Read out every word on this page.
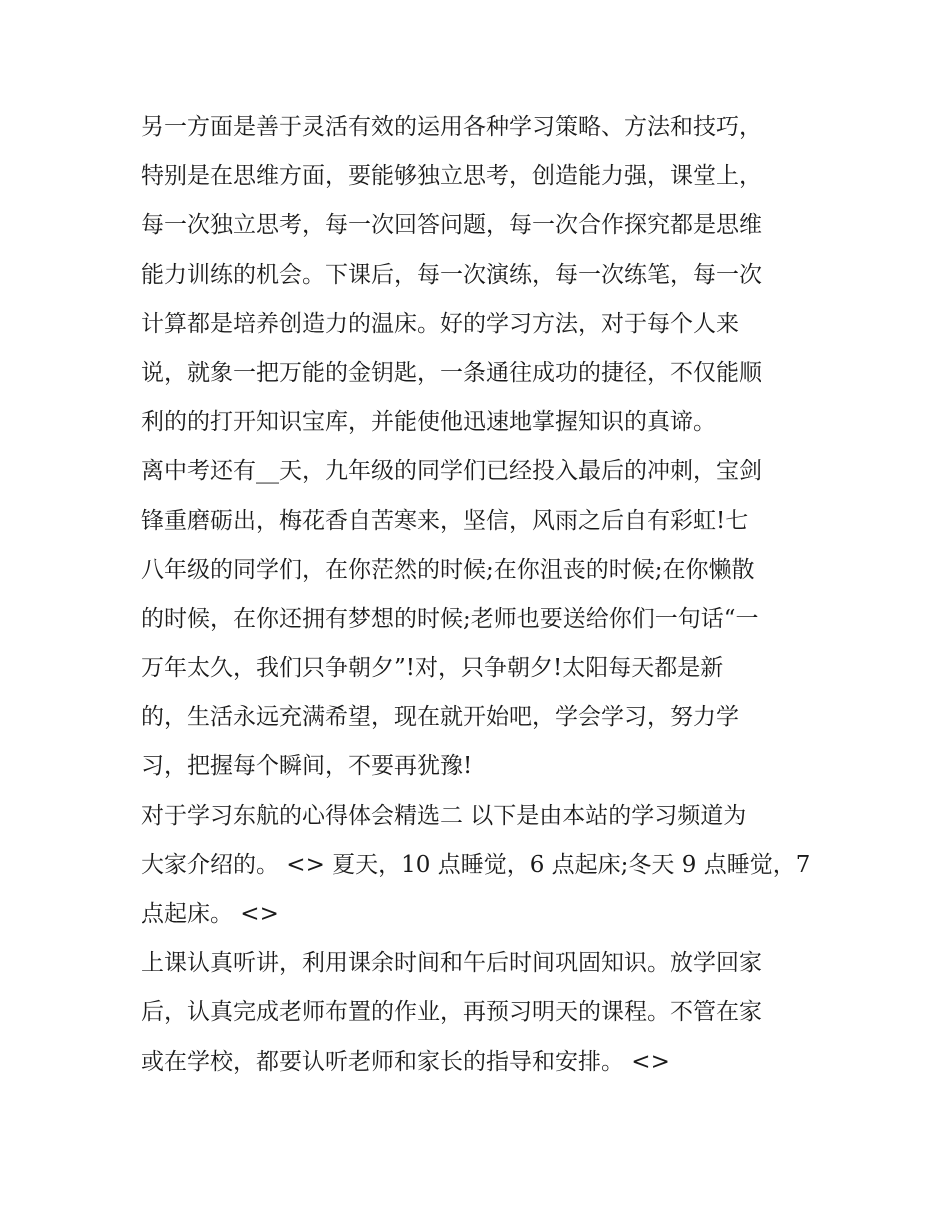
另一方面是善于灵活有效的运用各种学习策略、方法和技巧，
特别是在思维方面，要能够独立思考，创造能力强，课堂上，
每一次独立思考，每一次回答问题，每一次合作探究都是思维
能力训练的机会。下课后，每一次演练，每一次练笔，每一次
计算都是培养创造力的温床。好的学习方法，对于每个人来
说，就象一把万能的金钥匙，一条通往成功的捷径，不仅能顺
利的的打开知识宝库，并能使他迅速地掌握知识的真谛。
离中考还有__天，九年级的同学们已经投入最后的冲刺，宝剑
锋重磨砺出，梅花香自苦寒来，坚信，风雨之后自有彩虹!七
八年级的同学们，在你茫然的时候;在你沮丧的时候;在你懒散
的时候，在你还拥有梦想的时候;老师也要送给你们一句话“一
万年太久，我们只争朝夕”!对，只争朝夕!太阳每天都是新
的，生活永远充满希望，现在就开始吧，学会学习，努力学
习，把握每个瞬间，不要再犹豫!
对于学习东航的心得体会精选二 以下是由本站的学习频道为
大家介绍的。 <> 夏天，10 点睡觉，6 点起床;冬天 9 点睡觉，7
点起床。 <>
上课认真听讲，利用课余时间和午后时间巩固知识。放学回家
后，认真完成老师布置的作业，再预习明天的课程。不管在家
或在学校，都要认听老师和家长的指导和安排。 <>
